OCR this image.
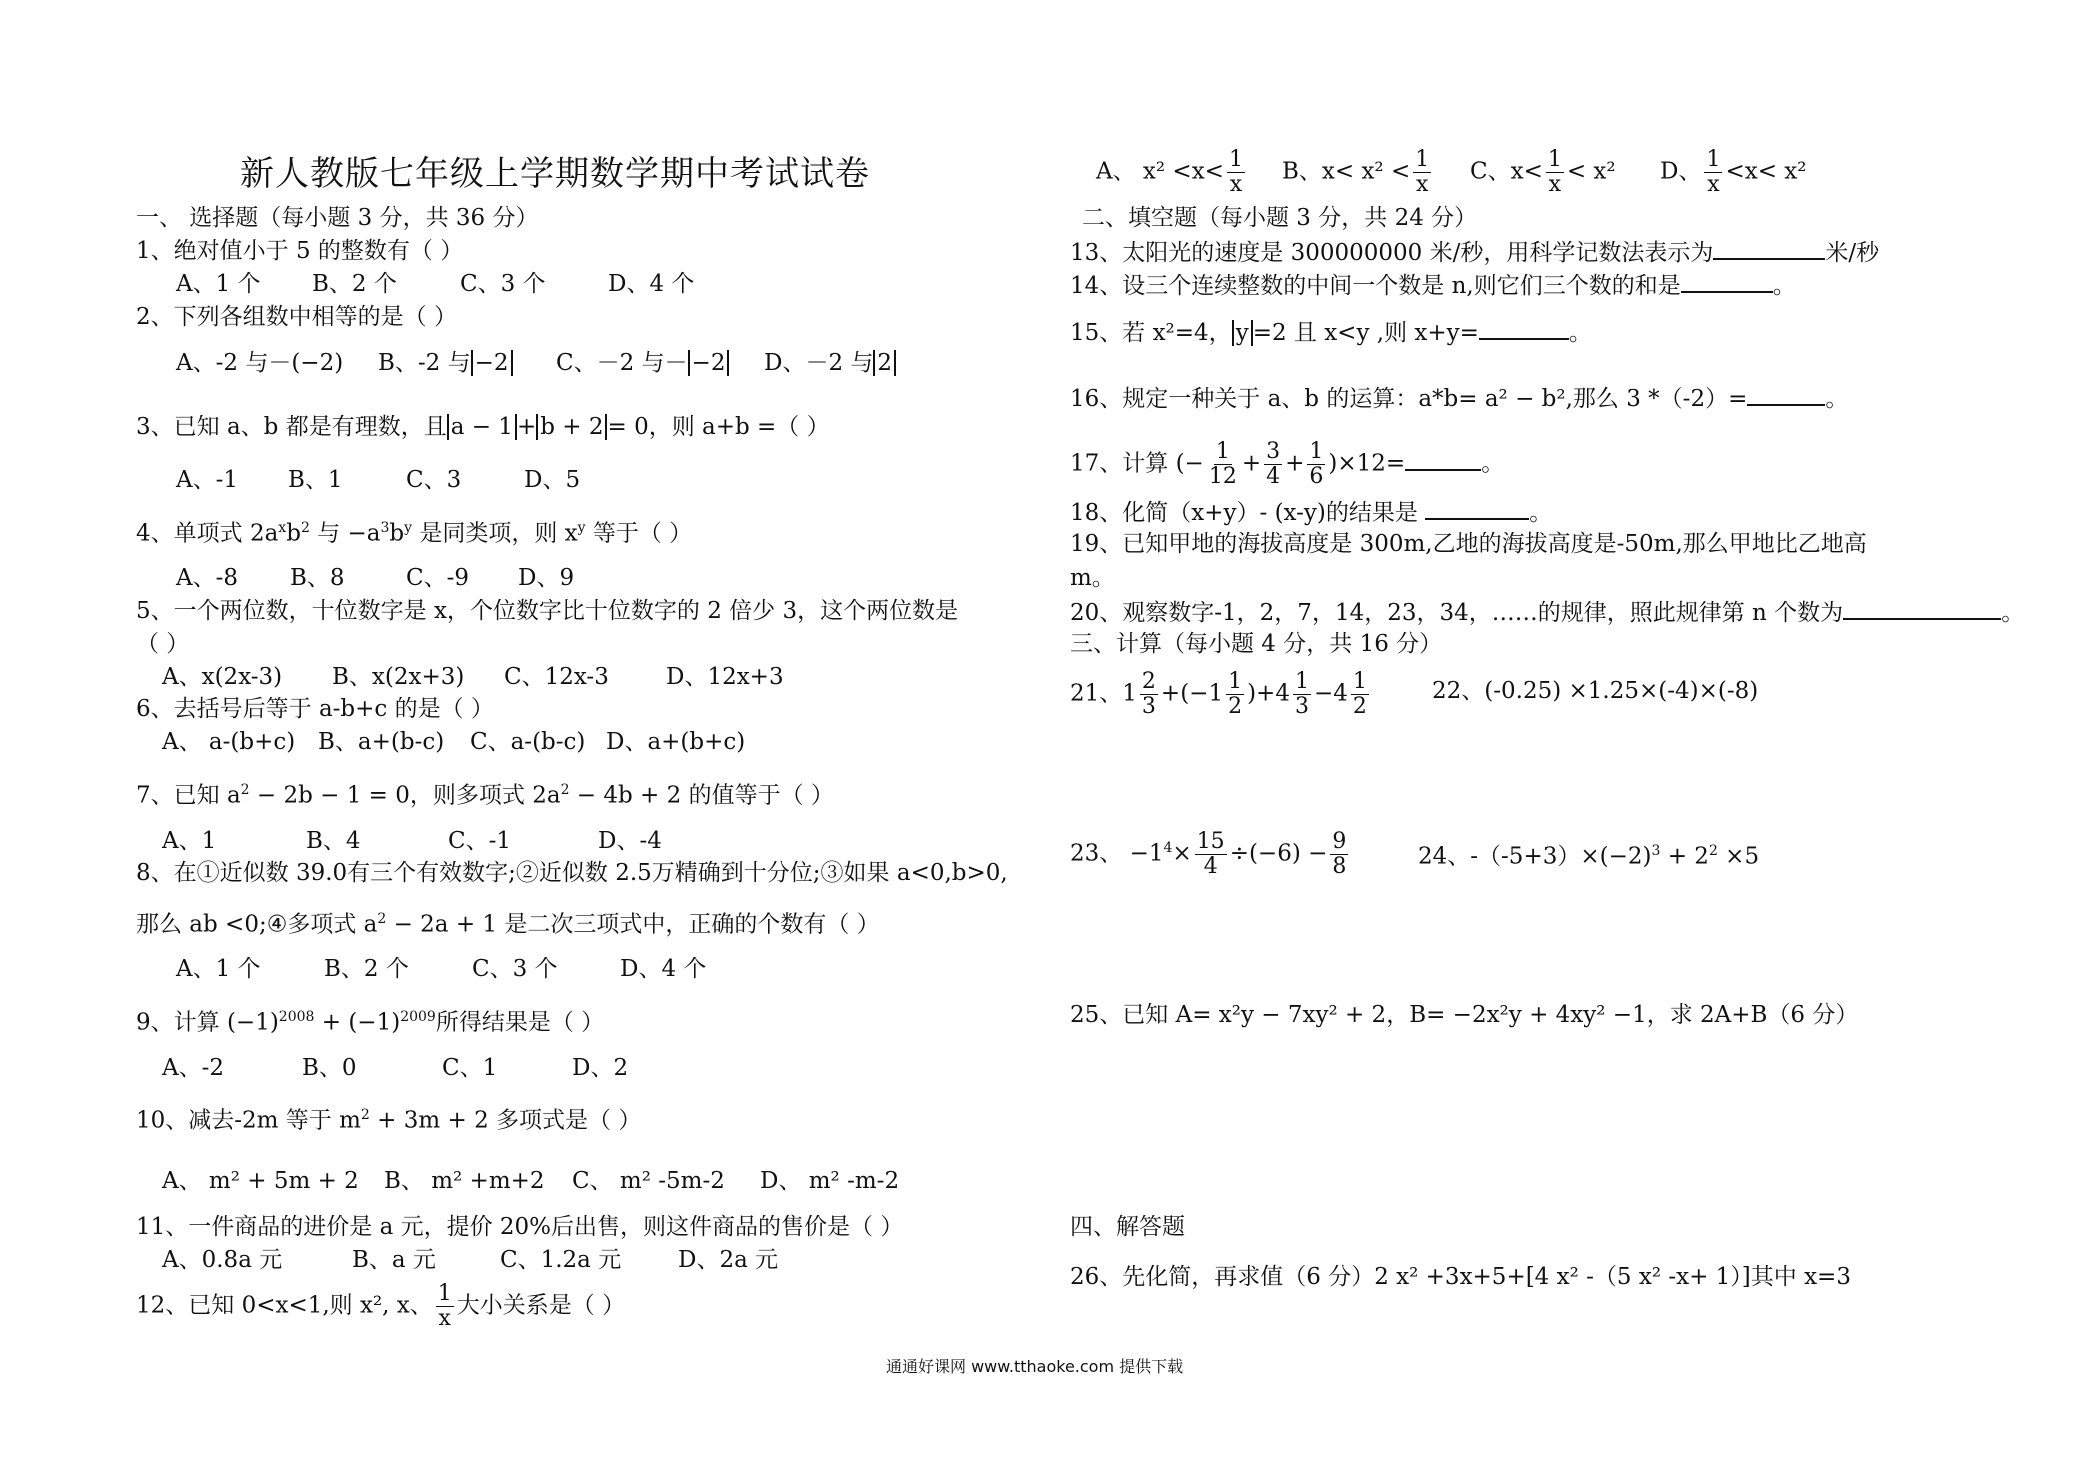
新人教版七年级上学期数学期中考试试卷
一、 选择题（每小题 3 分，共 36 分）
1、绝对值小于 5 的整数有（ ）
A、1 个 B、2 个	C、3 个	D、4 个
2、下列各组数中相等的是（ ）
A、-2 与－(−2) B、-2 与 −2 C、－2 与－ −2 D、－2 与 2
3、已知 a、b 都是有理数，且 a − 1 + b + 2 = 0，则 a+b =（ ）
A、-1 B、1	C、3	D、5
4、单项式 $2a^xb^2$ 与 $-a^3b^y$ 是同类项，则 $x^y$ 等于（ ）
A、-8 B、8	C、-9 D、9
5、一个两位数，十位数字是 x，个位数字比十位数字的 2 倍少 3，这个两位数是
（ ）
A、x(2x-3) B、x(2x+3) C、12x-3 D、12x+3
6、去括号后等于 a-b+c 的是（ ）
A、 a-(b+c) B、a+(b-c) C、a-(b-c) D、a+(b+c)
7、已知 $a^2 - 2b - 1 = 0$，则多项式 $2a^2 - 4b + 2$ 的值等于（ ）
A、1	B、4	C、-1	D、-4
8、在①近似数 39.0有三个有效数字;②近似数 2.5万精确到十分位;③如果 a<0,b>0,
那么 ab <0;④多项式 $a^2 - 2a + 1$ 是二次三项式中，正确的个数有（ ）
A、1 个	B、2 个	C、3 个	D、4 个
9、计算 $(-1)^{2008} + (-1)^{2009}$所得结果是（ ）
A、-2	B、0	C、1	D、2
10、减去-2m 等于 $m^2 + 3m + 2$ 多项式是（ ）
A、 m² + 5m + 2 B、 m² +m+2 C、 m² -5m-2 D、 m² -m-2
11、一件商品的进价是 a 元，提价 20%后出售，则这件商品的售价是（ ）
A、0.8a 元	B、a 元	C、1.2a 元 D、2a 元
12、已知 0<x<1,则 x², x、 $\frac{1}{x}$ 大小关系是（ ）
A、 $x^2 <x< \frac{1}{x}$ B、$x< x^2 < \frac{1}{x}$ C、$x< \frac{1}{x} < x^2$ D、 $\frac{1}{x} <x< x^2$
二、填空题（每小题 3 分，共 24 分）
13、太阳光的速度是 300000000 米/秒，用科学记数法表示为	米/秒
14、设三个连续整数的中间一个数是 n,则它们三个数的和是	。
15、若 x²=4， y =2 且 x<y ,则 x+y=	。
16、规定一种关于 a、b 的运算：a*b= a² − b²,那么 3 *（-2）=	。
17、计算 (− $\frac{1}{12} + \frac{3}{4} + \frac{1}{6} )\times 12=$	。
18、化简（x+y）- (x-y)的结果是	。
19、已知甲地的海拔高度是 300m,乙地的海拔高度是-50m,那么甲地比乙地高
m。
20、观察数字-1，2，7，14，23，34，……的规律，照此规律第 n 个数为	。
三、计算（每小题 4 分，共 16 分）
21、$1 \frac{2}{3} +(-1 \frac{1}{2} )+4 \frac{1}{3} -4 \frac{1}{2}$	22、(-0.25) ×1.25×(-4)×(-8)
23、 $-1^4\times \frac{15}{4} \div(-6) - \frac{9}{8}$	24、$-(-5+3)\times(-2)^3 + 2^2 \times 5$
25、已知 A= x²y − 7xy² + 2，B= −2x²y + 4xy² −1，求 2A+B（6 分）
四、解答题
26、先化简，再求值（6 分）2 x² +3x+5+[4 x² -（5 x² -x+ 1）]其中 x=3
通通好课网 www.tthaoke.com 提供下载
